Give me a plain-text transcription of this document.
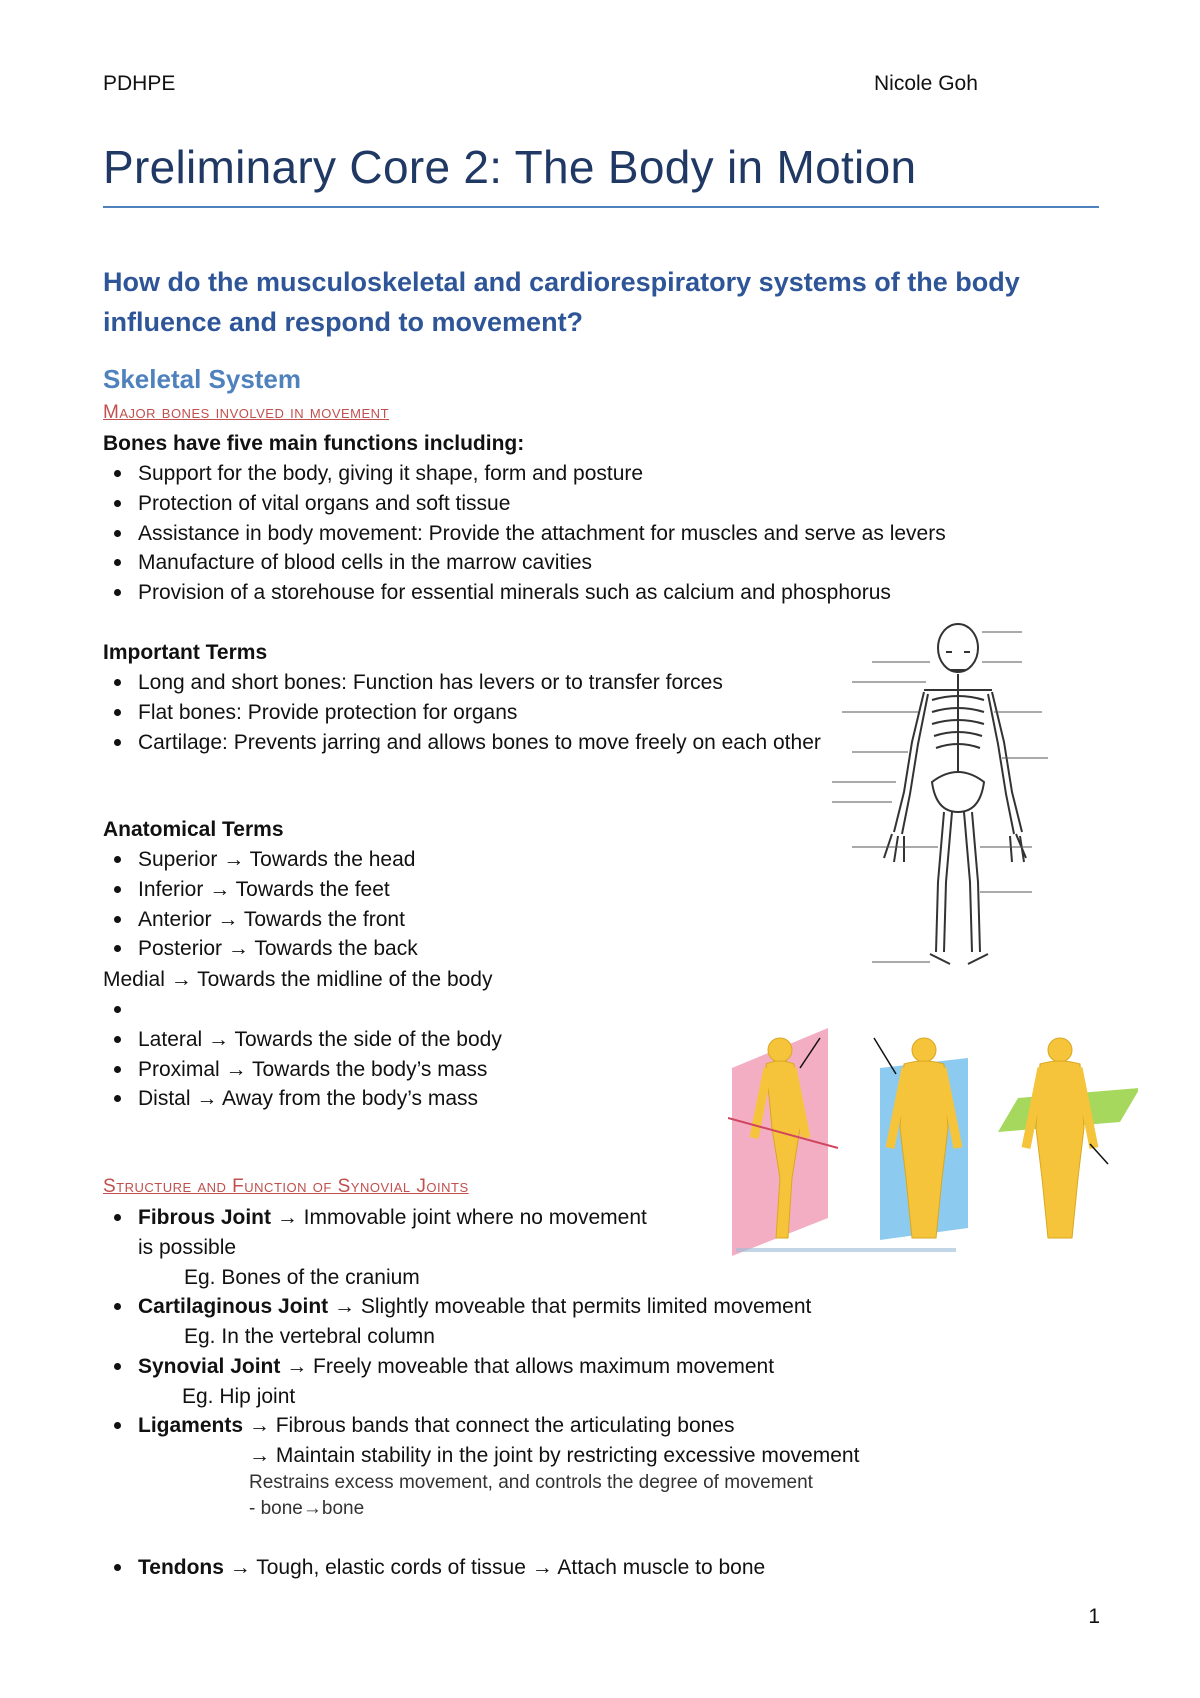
PDHPE	Nicole Goh
Preliminary Core 2: The Body in Motion
How do the musculoskeletal and cardiorespiratory systems of the body influence and respond to movement?
Skeletal System
Major bones involved in movement
Bones have five main functions including:
Support for the body, giving it shape, form and posture
Protection of vital organs and soft tissue
Assistance in body movement: Provide the attachment for muscles and serve as levers
Manufacture of blood cells in the marrow cavities
Provision of a storehouse for essential minerals such as calcium and phosphorus
Important Terms
Long and short bones: Function has levers or to transfer forces
Flat bones: Provide protection for organs
Cartilage: Prevents jarring and allows bones to move freely on each other
Anatomical Terms
Superior → Towards the head
Inferior → Towards the feet
Anterior → Towards the front
Posterior → Towards the back
Medial → Towards the midline of the body
Lateral → Towards the side of the body
Proximal → Towards the body’s mass
Distal → Away from the body’s mass
Structure and Function of Synovial Joints
Fibrous Joint → Immovable joint where no movement
is possible
Eg. Bones of the cranium
Cartilaginous Joint → Slightly moveable that permits limited movement
Eg. In the vertebral column
Synovial Joint → Freely moveable that allows maximum movement
Eg. Hip joint
Ligaments → Fibrous bands that connect the articulating bones
→ Maintain stability in the joint by restricting excessive movement
Restrains excess movement, and controls the degree of movement
- bone→bone
Tendons → Tough, elastic cords of tissue → Attach muscle to bone
1
